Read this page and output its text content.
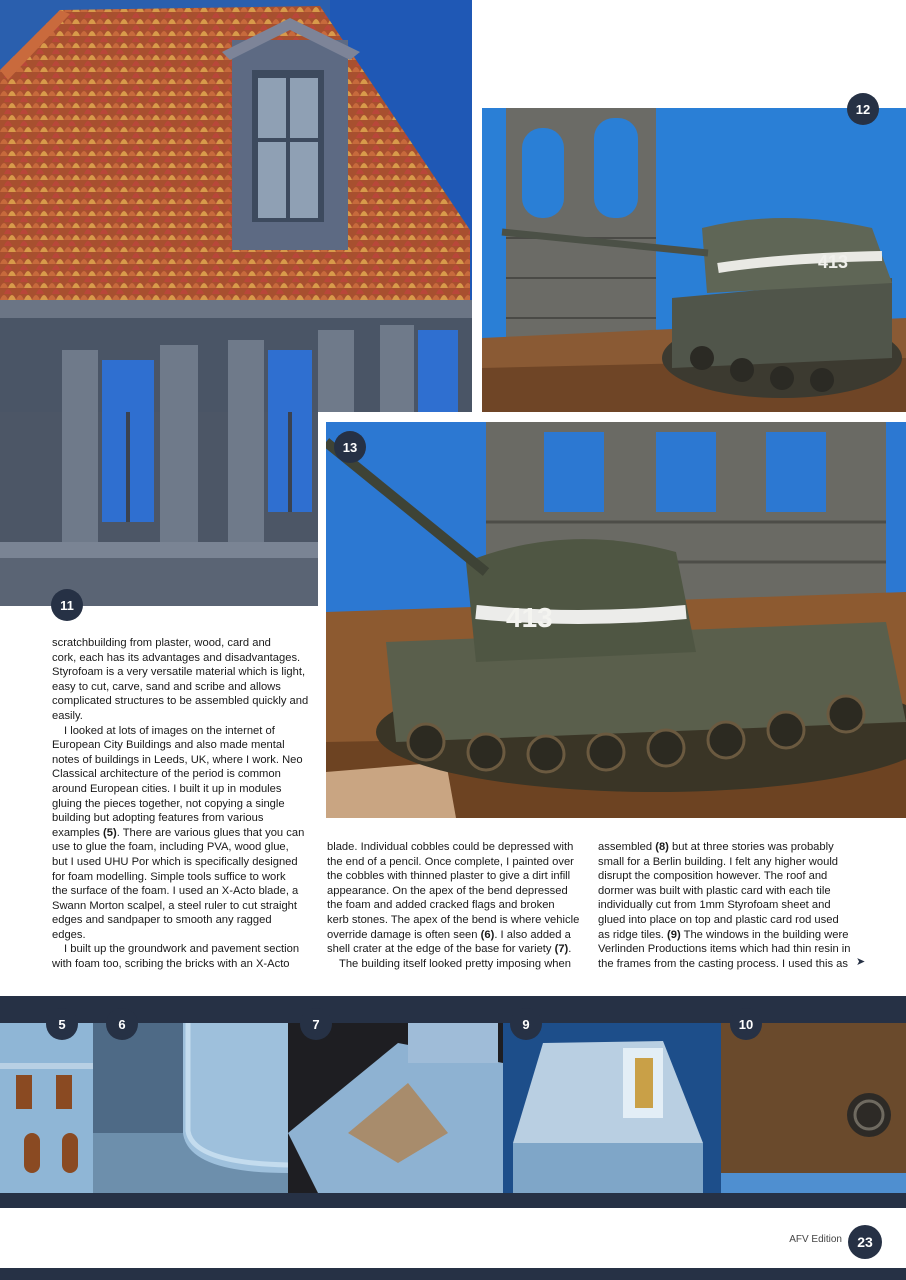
11
413
12
413
13

scratchbuilding from plaster, wood, card and
cork, each has its advantages and disadvantages.
Styrofoam is a very versatile material which is light,
easy to cut, carve, sand and scribe and allows
complicated structures to be assembled quickly and
easily.

I looked at lots of images on the internet of
European City Buildings and also made mental
notes of buildings in Leeds, UK, where I work. Neo
Classical architecture of the period is common
around European cities. I built it up in modules
gluing the pieces together, not copying a single
building but adopting features from various
examples (5). There are various glues that you can
use to glue the foam, including PVA, wood glue,
but I used UHU Por which is specifically designed
for foam modelling. Simple tools suffice to work
the surface of the foam. I used an X-Acto blade, a
Swann Morton scalpel, a steel ruler to cut straight
edges and sandpaper to smooth any ragged
edges.

I built up the groundwork and pavement section
with foam too, scribing the bricks with an X-Acto

blade. Individual cobbles could be depressed with
the end of a pencil. Once complete, I painted over
the cobbles with thinned plaster to give a dirt infill
appearance. On the apex of the bend depressed
the foam and added cracked flags and broken
kerb stones. The apex of the bend is where vehicle
override damage is often seen (6). I also added a
shell crater at the edge of the base for variety (7).

The building itself looked pretty imposing when

assembled (8) but at three stories was probably
small for a Berlin building. I felt any higher would
disrupt the composition however. The roof and
dormer was built with plastic card with each tile
individually cut from 1mm Styrofoam sheet and
glued into place on top and plastic card rod used
as ridge tiles. (9) The windows in the building were
Verlinden Productions items which had thin resin in
the frames from the casting process. I used this as ➤
5	6	7	9	10
AFV Edition	23
